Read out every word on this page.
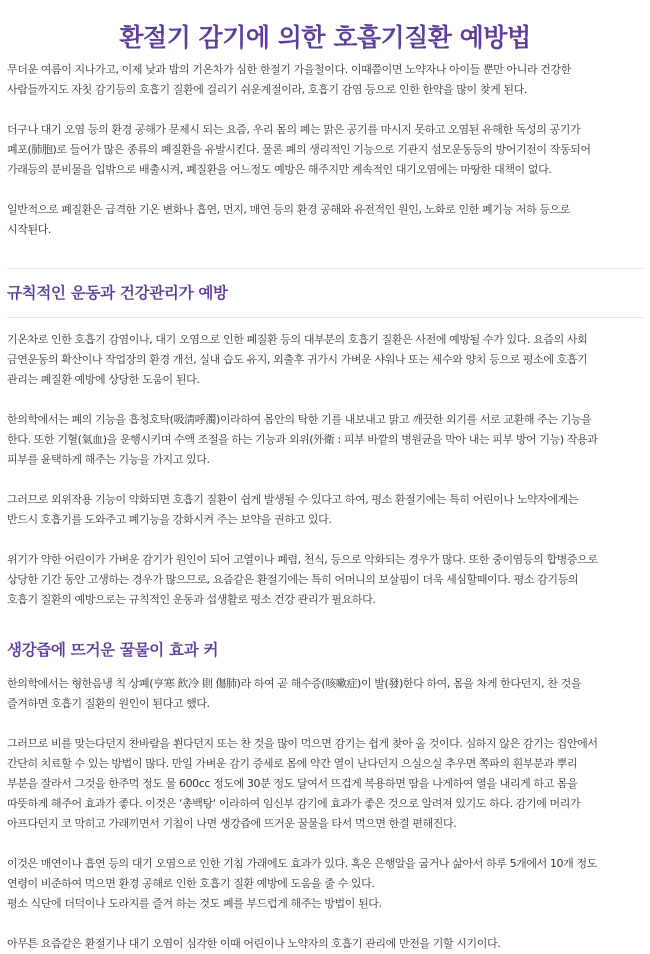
환절기 감기에 의한 호흡기질환 예방법

무더운 여름이 지나가고, 이제 낮과 밤의 기온차가 심한 한절기 가을철이다. 이때쯤이면 노약자나 아이들 뿐만 아니라 건강한
사람들까지도 자칫 감기등의 호흡기 질환에 걸리기 쉬운계절이라, 호흡기 감염 등으로 인한 한약을 많이 찾게 된다.

더구나 대기 오염 등의 환경 공해가 문제시 되는 요즘, 우리 몸의 폐는 맑은 공기를 마시지 못하고 오염된 유해한 독성의 공기가
폐포(肺胞)로 들어가 많은 종류의 폐질환을 유발시킨다. 물론 폐의 생리적인 기능으로 기관지 섬모운동등의 방어기전이 작동되어
가래등의 분비물을 입밖으로 배출시켜, 폐질환을 어느정도 예방은 해주지만 계속적인 대기오염에는 마땅한 대책이 없다.

일반적으로 폐질환은 급격한 기온 변화나 흡연, 먼지, 매연 등의 환경 공해와 유전적인 원인, 노화로 인한 폐기능 저하 등으로
시작된다.

규칙적인 운동과 건강관리가 예방

기온차로 인한 호흡기 감염이나, 대기 오염으로 인한 폐질환 등의 대부분의 호흡기 질환은 사전에 예방될 수가 있다. 요즘의 사회
금연운동의 확산이나 작업장의 환경 개선, 실내 습도 유지, 외출후 귀가시 가벼운 샤워나 또는 세수와 양치 등으로 평소에 호흡기
관리는 폐질환 예방에 상당한 도움이 된다.

한의학에서는 폐의 기능을 흡청호탁(吸淸呼濁)이라하여 몸안의 탁한 기를 내보내고 맑고 깨끗한 외기를 서로 교환해 주는 기능을
한다. 또한 기혈(氣血)을 운행시키며 수액 조절을 하는 기능과 외위(外衛 : 피부 바깥의 병원균을 막아 내는 피부 방어 기능) 작용과
피부를 윤택하게 해주는 기능을 가지고 있다.

그러므로 외위작용 기능이 약화되면 호흡기 질환이 쉽게 발생될 수 있다고 하여, 평소 환절기에는 특히 어린이나 노약자에게는
반드시 호흡기를 도와주고 폐기능을 강화시켜 주는 보약을 권하고 있다.

위기가 약한 어린이가 가벼운 감기가 원인이 되어 고열이나 폐렴, 천식, 등으로 악화되는 경우가 많다. 또한 중이염등의 합병증으로
상당한 기간 동안 고생하는 경우가 많으므로, 요즘같은 환절기에는 특히 어머니의 보살핌이 더욱 세심할때이다. 평소 감기등의
호흡기 질환의 예방으로는 규칙적인 운동과 섭생활로 평소 건강 관리가 필요하다.

생강즙에 뜨거운 꿀물이 효과 커

한의학에서는 형한음냉 칙 상폐(亨寒 飮冷 則 傷肺)라 하여 곧 해수증(咳嗽症)이 발(發)한다 하여, 몸을 차게 한다던지, 찬 것을
즐겨하면 호흡기 질환의 원인이 된다고 했다.

그러므로 비를 맞는다던지 찬바람을 쐰다던지 또는 찬 것을 많이 먹으면 감기는 쉽게 찾아 올 것이다. 심하지 않은 감기는 집안에서
간단히 치료할 수 있는 방법이 많다. 만일 가벼운 감기 증세로 몸에 약간 열이 난다던지 으실으실 추우면 쪽파의 흰부분과 뿌리
부분을 잘라서 그것을 한주먹 정도 물 600cc 정도에 30분 정도 달여서 뜨겁게 복용하면 땀을 나게하여 열을 내리게 하고 몸을
따뜻하게 해주어 효과가 좋다. 이것은 ‘총백탕‘ 이라하여 임신부 감기에 효과가 좋은 것으로 알려져 있기도 하다. 감기에 머리가
아프다던지 코 막히고 가래끼면서 기침이 나면 생강즙에 뜨거운 꿀물을 타서 먹으면 한결 편해진다.

이것은 매연이나 흡연 등의 대기 오염으로 인한 기침 가래에도 효과가 있다. 혹은 은행알을 굽거나 삶아서 하루 5개에서 10개 정도
연령이 비준하여 먹으면 환경 공해로 인한 호흡기 질환 예방에 도움을 줄 수 있다.
평소 식단에 더덕이나 도라지를 즐겨 하는 것도 폐를 부드럽게 해주는 방법이 된다.

아무튼 요즘같은 환절기나 대기 오염이 심각한 이때 어린이나 노약자의 호흡기 관리에 만전을 기할 시기이다.
